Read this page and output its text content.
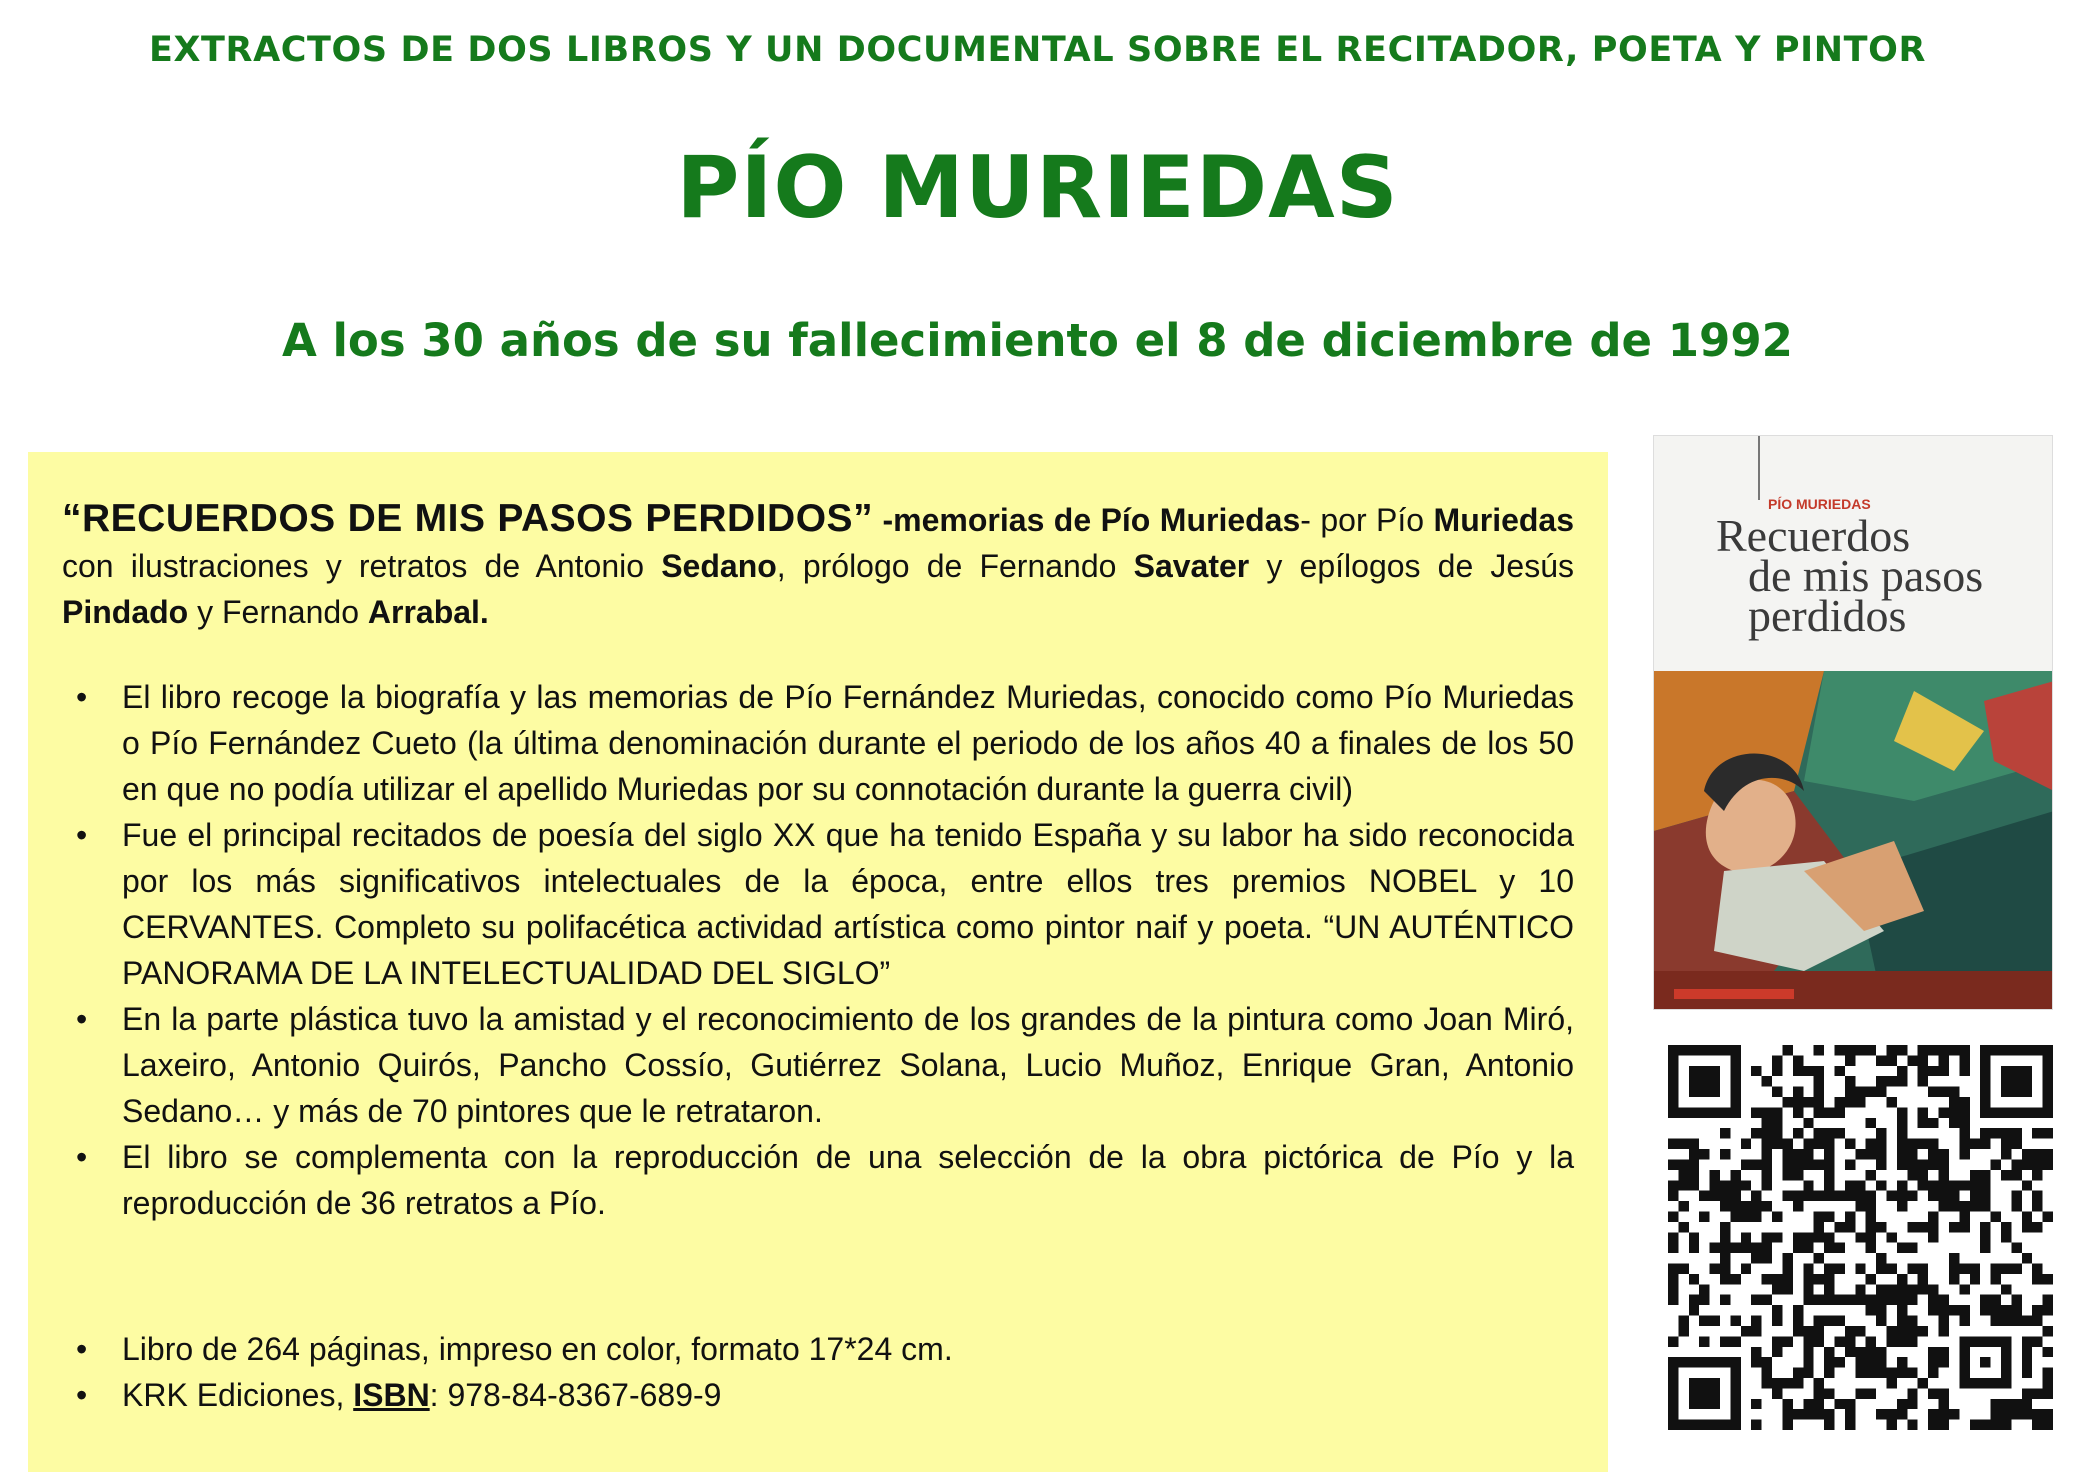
EXTRACTOS DE DOS LIBROS Y UN DOCUMENTAL SOBRE EL RECITADOR, POETA Y PINTOR
PÍO MURIEDAS
A los 30 años de su fallecimiento el 8 de diciembre de 1992

“RECUERDOS DE MIS PASOS PERDIDOS” -memorias de Pío Muriedas- por Pío Muriedas con ilustraciones y retratos de Antonio Sedano, prólogo de Fernando Savater y epílogos de Jesús Pindado y Fernando Arrabal.

• El libro recoge la biografía y las memorias de Pío Fernández Muriedas, conocido como Pío Muriedas o Pío Fernández Cueto (la última denominación durante el periodo de los años 40 a finales de los 50 en que no podía utilizar el apellido Muriedas por su connotación durante la guerra civil)
• Fue el principal recitados de poesía del siglo XX que ha tenido España y su labor ha sido reconocida por los más significativos intelectuales de la época, entre ellos tres premios NOBEL y 10 CERVANTES. Completo su polifacética actividad artística como pintor naif y poeta. “UN AUTÉNTICO PANORAMA DE LA INTELECTUALIDAD DEL SIGLO”
• En la parte plástica tuvo la amistad y el reconocimiento de los grandes de la pintura como Joan Miró, Laxeiro, Antonio Quirós, Pancho Cossío, Gutiérrez Solana, Lucio Muñoz, Enrique Gran, Antonio Sedano… y más de 70 pintores que le retrataron.
• El libro se complementa con la reproducción de una selección de la obra pictórica de Pío y la reproducción de 36 retratos a Pío.
• Libro de 264 páginas, impreso en color, formato 17*24 cm.
• KRK Ediciones, ISBN: 978-84-8367-689-9
PÍO MURIEDAS
Recuerdos
de mis pasos
perdidos
